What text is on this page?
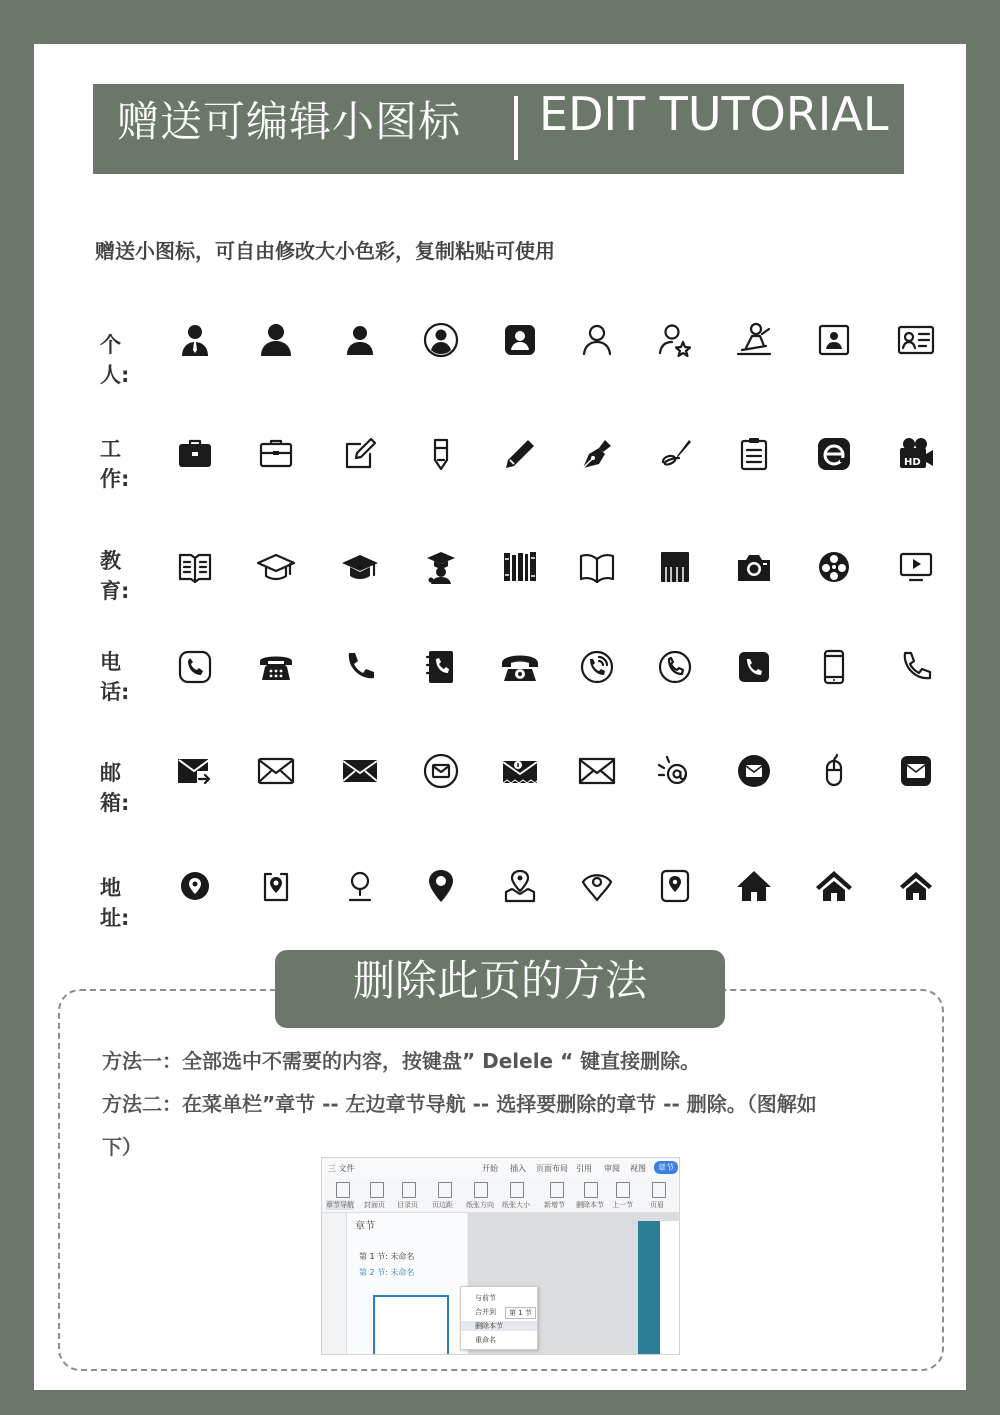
赠送可编辑小图标 EDIT TUTORIAL
赠送小图标，可自由修改大小色彩，复制粘贴可使用
删除此页的方法
方法一：全部选中不需要的内容，按键盘” Delele “ 键直接删除。
方法二：在菜单栏”章节 -- 左边章节导航 -- 选择要删除的章节 -- 删除。（图解如
下）
三 文件	开始 插入 页面布局 引用 审阅 视图	章节
章节导航 封面页 目录页 页边距 纸张方向 纸张大小 新增节 删除本节 上一节 页眉
章节
第 1 节: 未命名
第 2 节: 未命名
与前节
合并到	第 1 节
删除本节
重命名
个
人:
工
作:
HD
教
育:
电
话:
邮
箱:
地
址:
